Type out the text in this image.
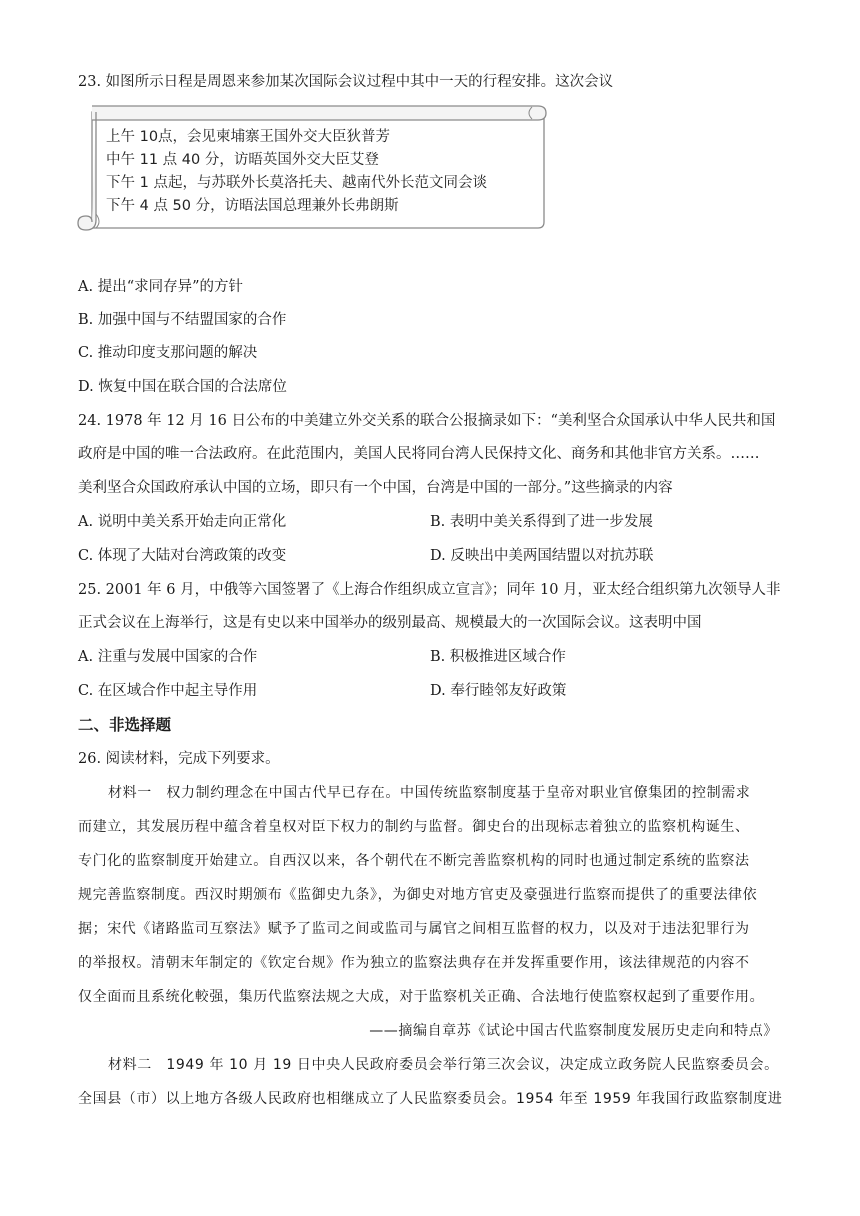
23. 如图所示日程是周恩来参加某次国际会议过程中其中一天的行程安排。这次会议
上午 10点，会见柬埔寨王国外交大臣狄普芳
中午 11 点 40 分，访晤英国外交大臣艾登
下午 1 点起，与苏联外长莫洛托夫、越南代外长范文同会谈
下午 4 点 50 分，访晤法国总理兼外长弗朗斯
A. 提出“求同存异”的方针
B. 加强中国与不结盟国家的合作
C. 推动印度支那问题的解决
D. 恢复中国在联合国的合法席位
24. 1978 年 12 月 16 日公布的中美建立外交关系的联合公报摘录如下：“美利坚合众国承认中华人民共和国
政府是中国的唯一合法政府。在此范围内，美国人民将同台湾人民保持文化、商务和其他非官方关系。……
美利坚合众国政府承认中国的立场，即只有一个中国，台湾是中国的一部分。”这些摘录的内容
A. 说明中美关系开始走向正常化	B. 表明中美关系得到了进一步发展
C. 体现了大陆对台湾政策的改变	D. 反映出中美两国结盟以对抗苏联
25. 2001 年 6 月，中俄等六国签署了《上海合作组织成立宣言》；同年 10 月，亚太经合组织第九次领导人非
正式会议在上海举行，这是有史以来中国举办的级别最高、规模最大的一次国际会议。这表明中国
A. 注重与发展中国家的合作	B. 积极推进区域合作
C. 在区域合作中起主导作用	D. 奉行睦邻友好政策
二、非选择题
26. 阅读材料，完成下列要求。
材料一　权力制约理念在中国古代早已存在。中国传统监察制度基于皇帝对职业官僚集团的控制需求
而建立，其发展历程中蕴含着皇权对臣下权力的制约与监督。御史台的出现标志着独立的监察机构诞生、
专门化的监察制度开始建立。自西汉以来，各个朝代在不断完善监察机构的同时也通过制定系统的监察法
规完善监察制度。西汉时期颁布《监御史九条》，为御史对地方官吏及豪强进行监察而提供了的重要法律依
据；宋代《诸路监司互察法》赋予了监司之间或监司与属官之间相互监督的权力，以及对于违法犯罪行为
的举报权。清朝末年制定的《钦定台规》作为独立的监察法典存在并发挥重要作用，该法律规范的内容不
仅全面而且系统化較强，集历代监察法规之大成，对于监察机关正确、合法地行使监察权起到了重要作用。
——摘编自章苏《试论中国古代监察制度发展历史走向和特点》
材料二　1949 年 10 月 19 日中央人民政府委员会举行第三次会议，决定成立政务院人民监察委员会。
全国县（市）以上地方各级人民政府也相继成立了人民监察委员会。1954 年至 1959 年我国行政监察制度进
